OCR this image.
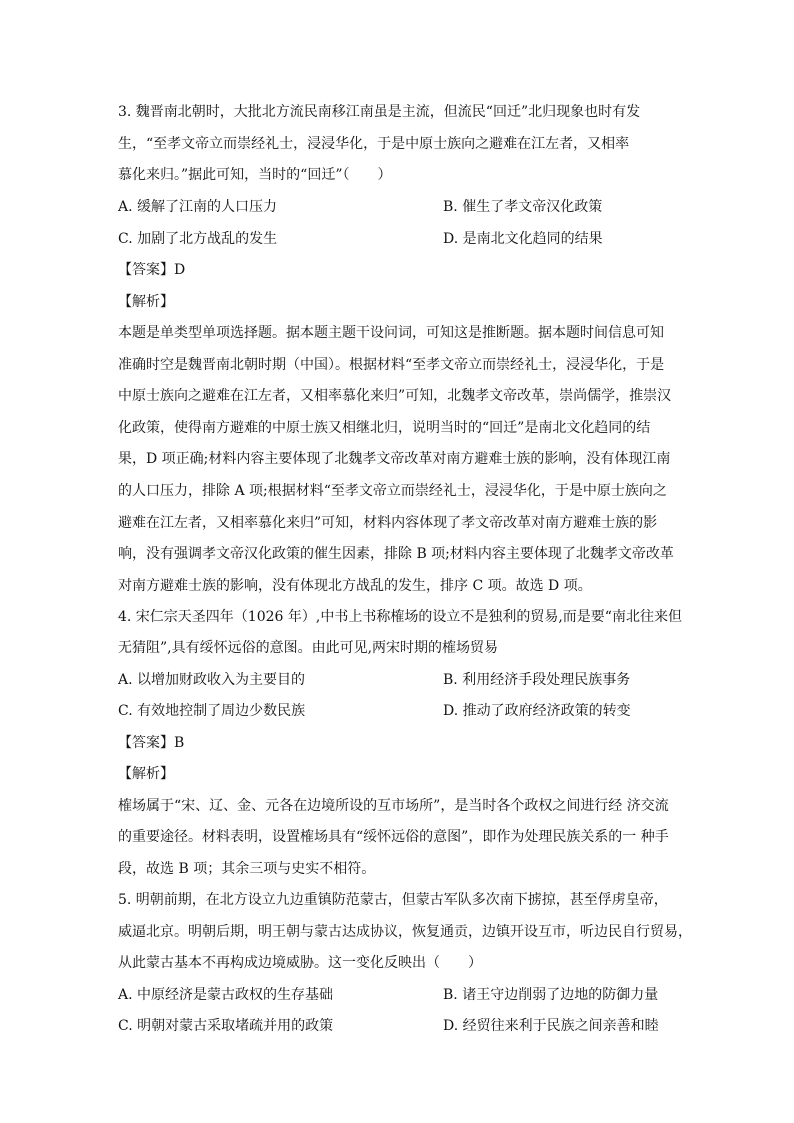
3. 魏晋南北朝时，大批北方流民南移江南虽是主流，但流民“回迁”北归现象也时有发
生，“至孝文帝立而崇经礼士，浸浸华化，于是中原士族向之避难在江左者，又相率
慕化来归。”据此可知，当时的“回迁”（　　）
A. 缓解了江南的人口压力	B. 催生了孝文帝汉化政策
C. 加剧了北方战乱的发生	D. 是南北文化趋同的结果
【答案】D
【解析】
本题是单类型单项选择题。据本题主题干设问词，可知这是推断题。据本题时间信息可知
准确时空是魏晋南北朝时期（中国）。根据材料“至孝文帝立而崇经礼士，浸浸华化，于是
中原士族向之避难在江左者，又相率慕化来归”可知，北魏孝文帝改革，崇尚儒学，推崇汉
化政策，使得南方避难的中原士族又相继北归，说明当时的“回迁”是南北文化趋同的结
果，D 项正确;材料内容主要体现了北魏孝文帝改革对南方避难士族的影响，没有体现江南
的人口压力，排除 A 项;根据材料“至孝文帝立而崇经礼士，浸浸华化，于是中原士族向之
避难在江左者，又相率慕化来归”可知，材料内容体现了孝文帝改革对南方避难士族的影
响，没有强调孝文帝汉化政策的催生因素，排除 B 项;材料内容主要体现了北魏孝文帝改革
对南方避难士族的影响，没有体现北方战乱的发生，排序 C 项。故选 D 项。
4. 宋仁宗天圣四年（1026 年）,中书上书称榷场的设立不是独利的贸易,而是要“南北往来但
无猜阻”,具有绥怀远俗的意图。由此可见,两宋时期的榷场贸易
A. 以增加财政收入为主要目的	B. 利用经济手段处理民族事务
C. 有效地控制了周边少数民族	D. 推动了政府经济政策的转变
【答案】B
【解析】
榷场属于“宋、辽、金、元各在边境所设的互市场所”，是当时各个政权之间进行经 济交流
的重要途径。材料表明，设置榷场具有“绥怀远俗的意图”，即作为处理民族关系的一 种手
段，故选 B 项；其余三项与史实不相符。
5. 明朝前期，在北方设立九边重镇防范蒙古，但蒙古军队多次南下掳掠，甚至俘虏皇帝，
威逼北京。明朝后期，明王朝与蒙古达成协议，恢复通贡，边镇开设互市，听边民自行贸易，
从此蒙古基本不再构成边境威胁。这一变化反映出（　　）
A. 中原经济是蒙古政权的生存基础	B. 诸王守边削弱了边地的防御力量
C. 明朝对蒙古采取堵疏并用的政策	D. 经贸往来利于民族之间亲善和睦
